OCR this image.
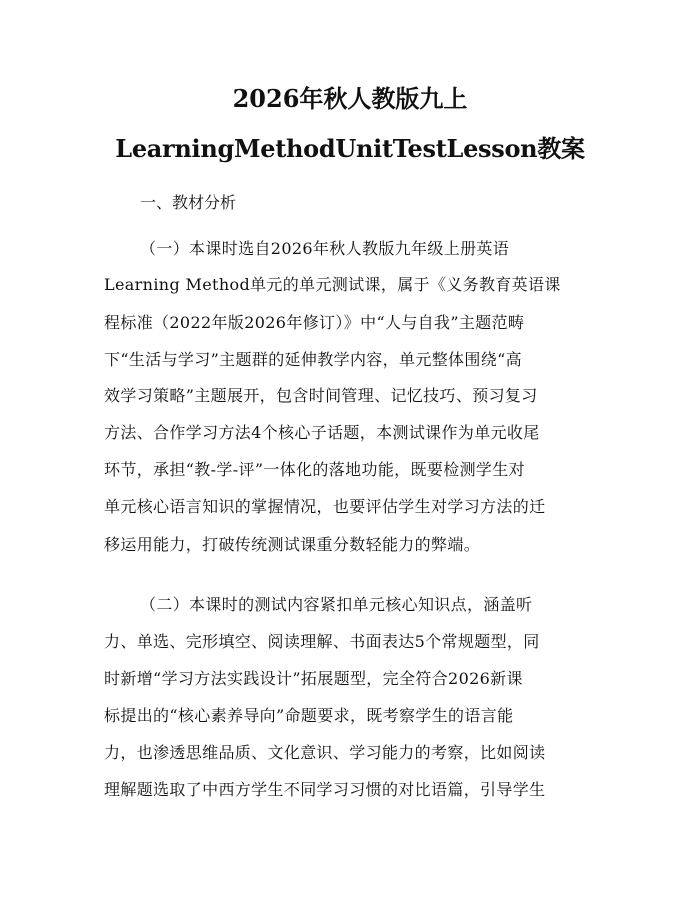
2026年秋人教版九上
LearningMethodUnitTestLesson教案
一、教材分析
（一）本课时选自2026年秋人教版九年级上册英语
Learning Method单元的单元测试课，属于《义务教育英语课
程标准（2022年版2026年修订）》中“人与自我”主题范畴
下“生活与学习”主题群的延伸教学内容，单元整体围绕“高
效学习策略”主题展开，包含时间管理、记忆技巧、预习复习
方法、合作学习方法4个核心子话题，本测试课作为单元收尾
环节，承担“教-学-评”一体化的落地功能，既要检测学生对
单元核心语言知识的掌握情况，也要评估学生对学习方法的迁
移运用能力，打破传统测试课重分数轻能力的弊端。
（二）本课时的测试内容紧扣单元核心知识点，涵盖听
力、单选、完形填空、阅读理解、书面表达5个常规题型，同
时新增“学习方法实践设计”拓展题型，完全符合2026新课
标提出的“核心素养导向”命题要求，既考察学生的语言能
力，也渗透思维品质、文化意识、学习能力的考察，比如阅读
理解题选取了中西方学生不同学习习惯的对比语篇，引导学生
